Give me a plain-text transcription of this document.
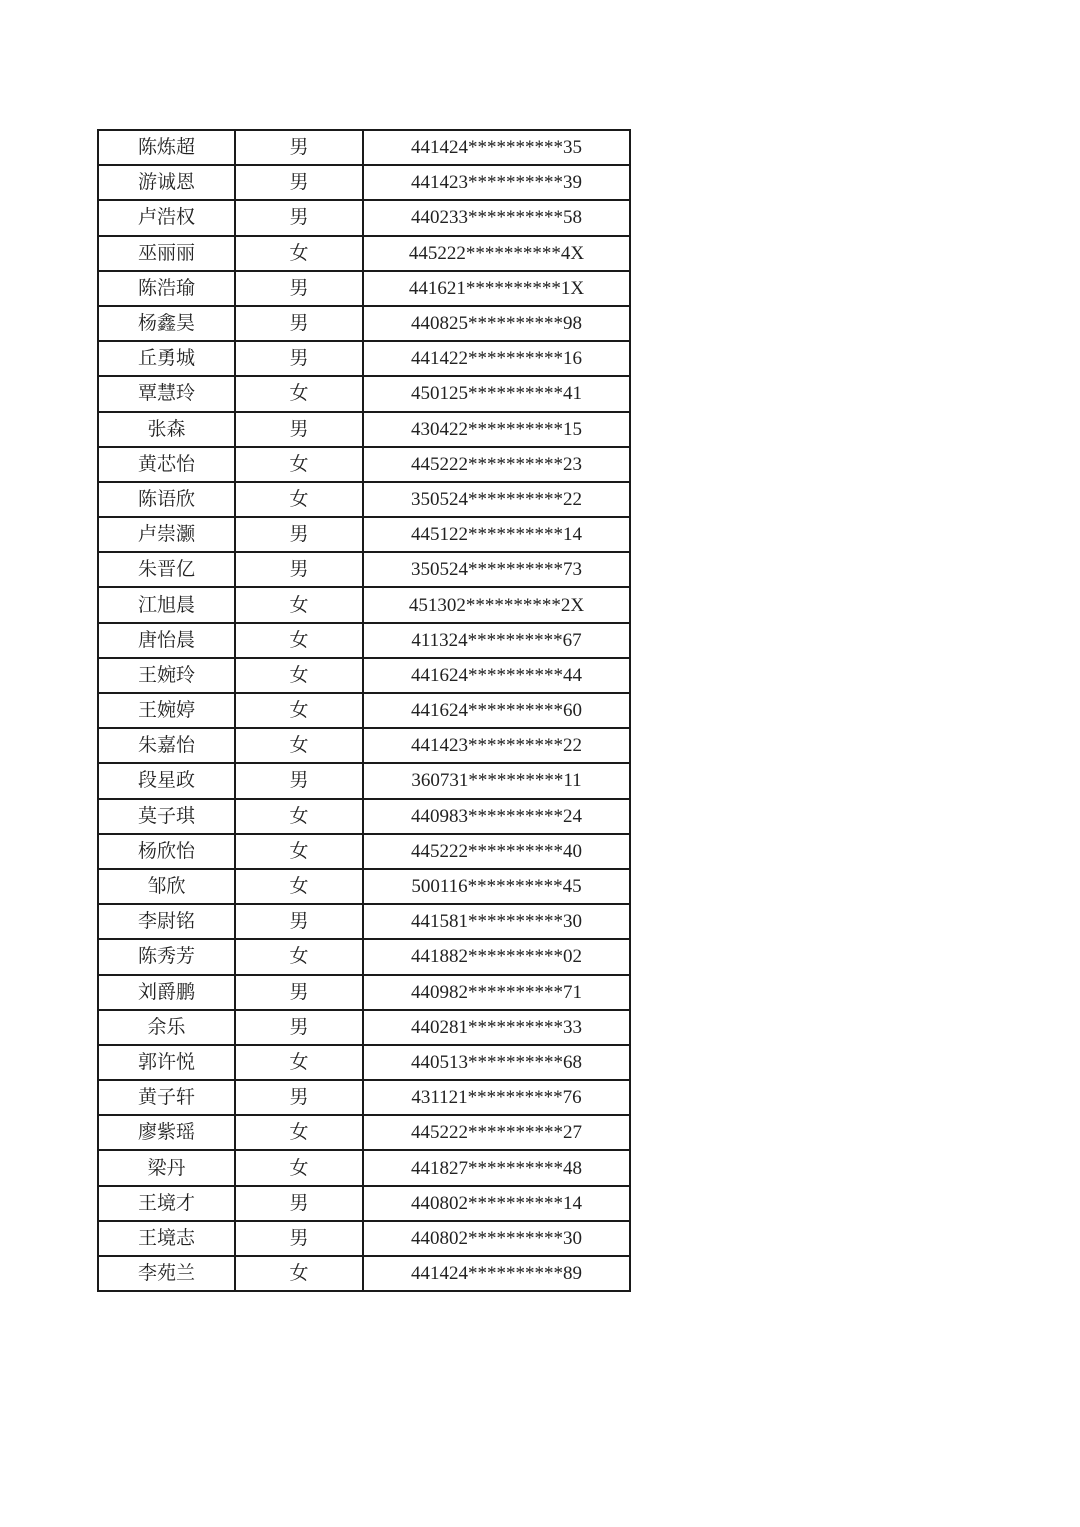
陈炼超	男	441424**********35
游诚恩	男	441423**********39
卢浩权	男	440233**********58
巫丽丽	女	445222**********4X
陈浩瑜	男	441621**********1X
杨鑫昊	男	440825**********98
丘勇城	男	441422**********16
覃慧玲	女	450125**********41
张森	男	430422**********15
黄芯怡	女	445222**********23
陈语欣	女	350524**********22
卢崇灏	男	445122**********14
朱晋亿	男	350524**********73
江旭晨	女	451302**********2X
唐怡晨	女	411324**********67
王婉玲	女	441624**********44
王婉婷	女	441624**********60
朱嘉怡	女	441423**********22
段星政	男	360731**********11
莫子琪	女	440983**********24
杨欣怡	女	445222**********40
邹欣	女	500116**********45
李尉铭	男	441581**********30
陈秀芳	女	441882**********02
刘爵鹏	男	440982**********71
余乐	男	440281**********33
郭许悦	女	440513**********68
黄子轩	男	431121**********76
廖紫瑶	女	445222**********27
梁丹	女	441827**********48
王境才	男	440802**********14
王境志	男	440802**********30
李苑兰	女	441424**********89
